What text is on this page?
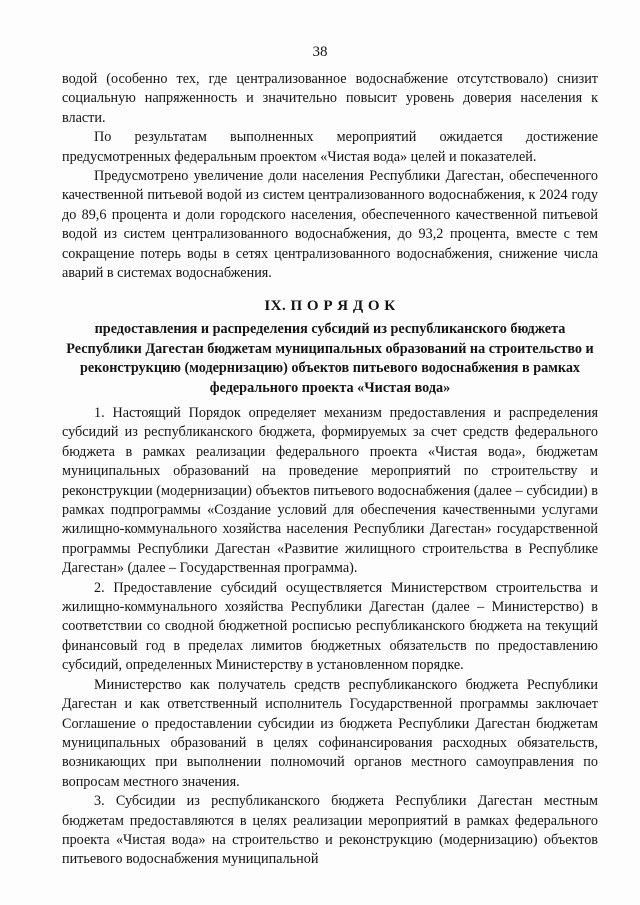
38

водой (особенно тех, где централизованное водоснабжение отсутствовало) снизит социальную напряженность и значительно повысит уровень доверия населения к власти.

По результатам выполненных мероприятий ожидается достижение предусмотренных федеральным проектом «Чистая вода» целей и показателей.

Предусмотрено увеличение доли населения Республики Дагестан, обеспеченного качественной питьевой водой из систем централизованного водоснабжения, к 2024 году до 89,6 процента и доли городского населения, обеспеченного качественной питьевой водой из систем централизованного водоснабжения, до 93,2 процента, вместе с тем сокращение потерь воды в сетях централизованного водоснабжения, снижение числа аварий в системах водоснабжения.

IX. П О Р Я Д О К

предоставления и распределения субсидий из республиканского бюджета Республики Дагестан бюджетам муниципальных образований на строительство и реконструкцию (модернизацию) объектов питьевого водоснабжения в рамках федерального проекта «Чистая вода»

1. Настоящий Порядок определяет механизм предоставления и распределения субсидий из республиканского бюджета, формируемых за счет средств федерального бюджета в рамках реализации федерального проекта «Чистая вода», бюджетам муниципальных образований на проведение мероприятий по строительству и реконструкции (модернизации) объектов питьевого водоснабжения (далее – субсидии) в рамках подпрограммы «Создание условий для обеспечения качественными услугами жилищно-коммунального хозяйства населения Республики Дагестан» государственной программы Республики Дагестан «Развитие жилищного строительства в Республике Дагестан» (далее – Государственная программа).

2. Предоставление субсидий осуществляется Министерством строительства и жилищно-коммунального хозяйства Республики Дагестан (далее – Министерство) в соответствии со сводной бюджетной росписью республиканского бюджета на текущий финансовый год в пределах лимитов бюджетных обязательств по предоставлению субсидий, определенных Министерству в установленном порядке.

Министерство как получатель средств республиканского бюджета Республики Дагестан и как ответственный исполнитель Государственной программы заключает Соглашение о предоставлении субсидии из бюджета Республики Дагестан бюджетам муниципальных образований в целях софинансирования расходных обязательств, возникающих при выполнении полномочий органов местного самоуправления по вопросам местного значения.

3. Субсидии из республиканского бюджета Республики Дагестан местным бюджетам предоставляются в целях реализации мероприятий в рамках федерального проекта «Чистая вода» на строительство и реконструкцию (модернизацию) объектов питьевого водоснабжения муниципальной
